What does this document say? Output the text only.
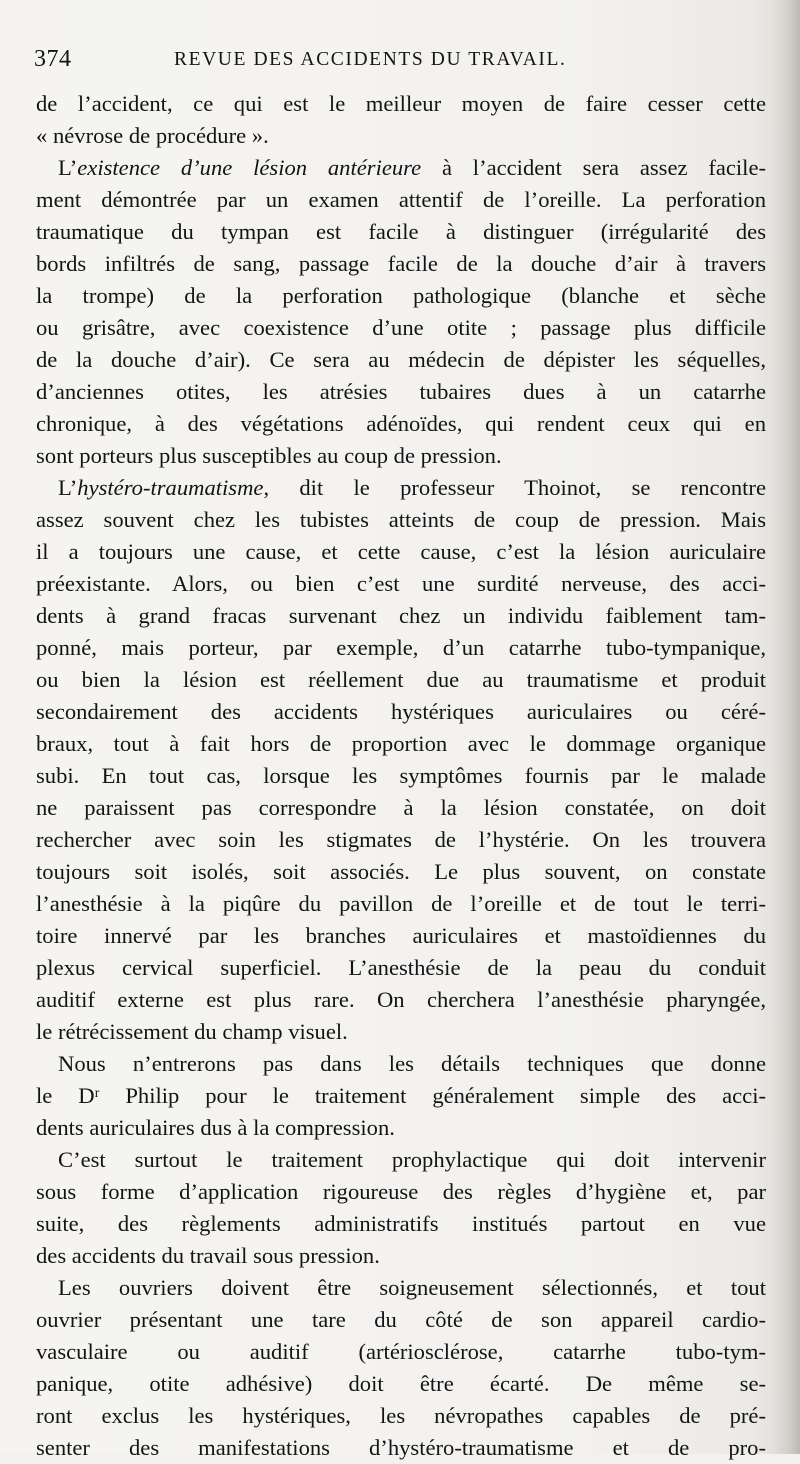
374	REVUE DES ACCIDENTS DU TRAVAIL.
de l’accident, ce qui est le meilleur moyen de faire cesser cette
« névrose de procédure ».
L’existence d’une lésion antérieure à l’accident sera assez facile-
ment démontrée par un examen attentif de l’oreille. La perforation
traumatique du tympan est facile à distinguer (irrégularité des
bords infiltrés de sang, passage facile de la douche d’air à travers
la trompe) de la perforation pathologique (blanche et sèche
ou grisâtre, avec coexistence d’une otite ; passage plus difficile
de la douche d’air). Ce sera au médecin de dépister les séquelles,
d’anciennes otites, les atrésies tubaires dues à un catarrhe
chronique, à des végétations adénoïdes, qui rendent ceux qui en
sont porteurs plus susceptibles au coup de pression.
L’hystéro-traumatisme, dit le professeur Thoinot, se rencontre
assez souvent chez les tubistes atteints de coup de pression. Mais
il a toujours une cause, et cette cause, c’est la lésion auriculaire
préexistante. Alors, ou bien c’est une surdité nerveuse, des acci-
dents à grand fracas survenant chez un individu faiblement tam-
ponné, mais porteur, par exemple, d’un catarrhe tubo-tympanique,
ou bien la lésion est réellement due au traumatisme et produit
secondairement des accidents hystériques auriculaires ou céré-
braux, tout à fait hors de proportion avec le dommage organique
subi. En tout cas, lorsque les symptômes fournis par le malade
ne paraissent pas correspondre à la lésion constatée, on doit
rechercher avec soin les stigmates de l’hystérie. On les trouvera
toujours soit isolés, soit associés. Le plus souvent, on constate
l’anesthésie à la piqûre du pavillon de l’oreille et de tout le terri-
toire innervé par les branches auriculaires et mastoïdiennes du
plexus cervical superficiel. L’anesthésie de la peau du conduit
auditif externe est plus rare. On cherchera l’anesthésie pharyngée,
le rétrécissement du champ visuel.
Nous n’entrerons pas dans les détails techniques que donne
le Dʳ Philip pour le traitement généralement simple des acci-
dents auriculaires dus à la compression.
C’est surtout le traitement prophylactique qui doit intervenir
sous forme d’application rigoureuse des règles d’hygiène et, par
suite, des règlements administratifs institués partout en vue
des accidents du travail sous pression.
Les ouvriers doivent être soigneusement sélectionnés, et tout
ouvrier présentant une tare du côté de son appareil cardio-
vasculaire ou auditif (artériosclérose, catarrhe tubo-tym-
panique, otite adhésive) doit être écarté. De même se-
ront exclus les hystériques, les névropathes capables de pré-
senter des manifestations d’hystéro-traumatisme et de pro-
